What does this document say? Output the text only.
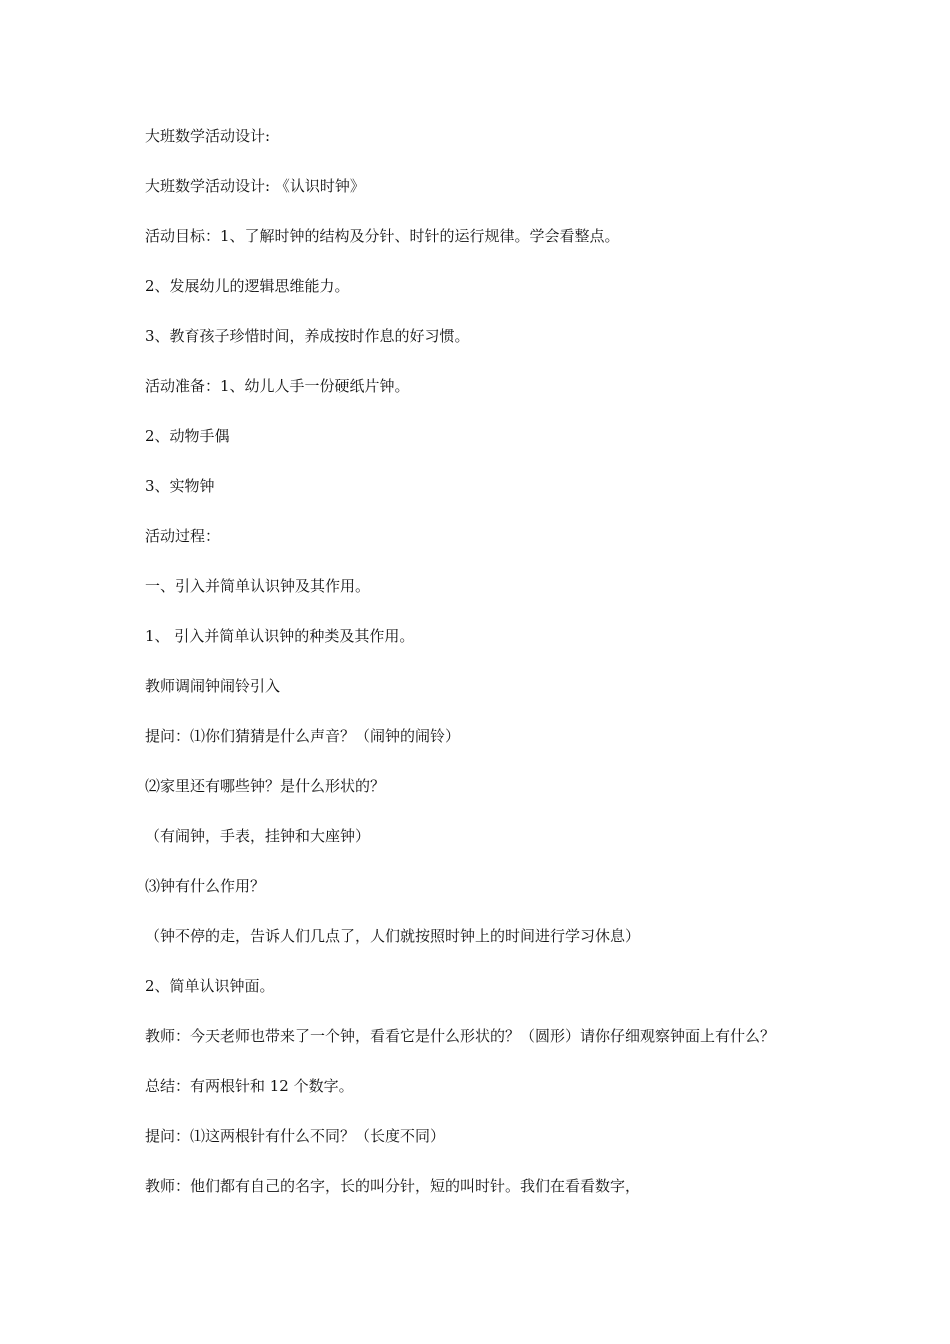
大班数学活动设计:
大班数学活动设计: 《认识时钟》
活动目标：1、了解时钟的结构及分针、时针的运行规律。学会看整点。
2、发展幼儿的逻辑思维能力。
3、教育孩子珍惜时间，养成按时作息的好习惯。
活动准备：1、幼儿人手一份硬纸片钟。
2、动物手偶
3、实物钟
活动过程：
一、引入并简单认识钟及其作用。
1、 引入并简单认识钟的种类及其作用。
教师调闹钟闹铃引入
提问：⑴你们猜猜是什么声音？（闹钟的闹铃）
⑵家里还有哪些钟？是什么形状的？
（有闹钟，手表，挂钟和大座钟）
⑶钟有什么作用？
（钟不停的走，告诉人们几点了，人们就按照时钟上的时间进行学习休息）
2、简单认识钟面。
教师：今天老师也带来了一个钟，看看它是什么形状的？（圆形）请你仔细观察钟面上有什么？
总结：有两根针和 12 个数字。
提问：⑴这两根针有什么不同？（长度不同）
教师：他们都有自己的名字，长的叫分针，短的叫时针。我们在看看数字，
